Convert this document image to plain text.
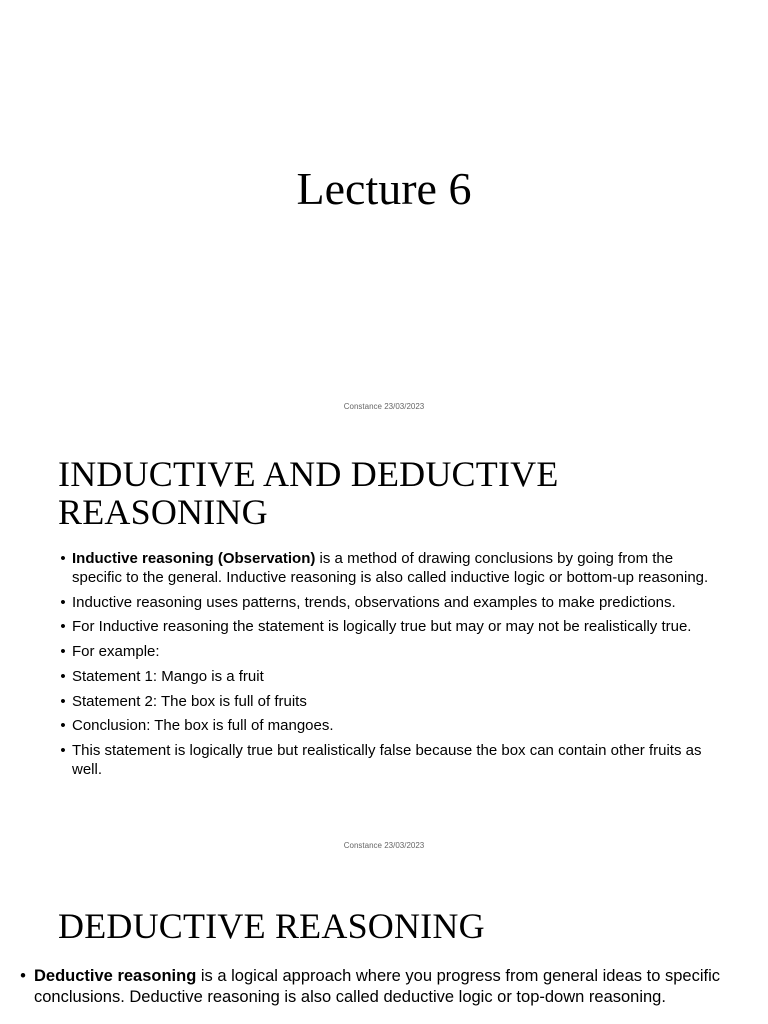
Lecture 6

Constance 23/03/2023

INDUCTIVE AND DEDUCTIVE REASONING
• Inductive reasoning (Observation) is a method of drawing conclusions by going from the specific to the general. Inductive reasoning is also called inductive logic or bottom-up reasoning.
• Inductive reasoning uses patterns, trends, observations and examples to make predictions.
• For Inductive reasoning the statement is logically true but may or may not be realistically true.
• For example:
• Statement 1: Mango is a fruit
• Statement 2: The box is full of fruits
• Conclusion: The box is full of mangoes.
• This statement is logically true but realistically false because the box can contain other fruits as well.

Constance 23/03/2023

DEDUCTIVE REASONING
• Deductive reasoning is a logical approach where you progress from general ideas to specific conclusions. Deductive reasoning is also called deductive logic or top-down reasoning.
